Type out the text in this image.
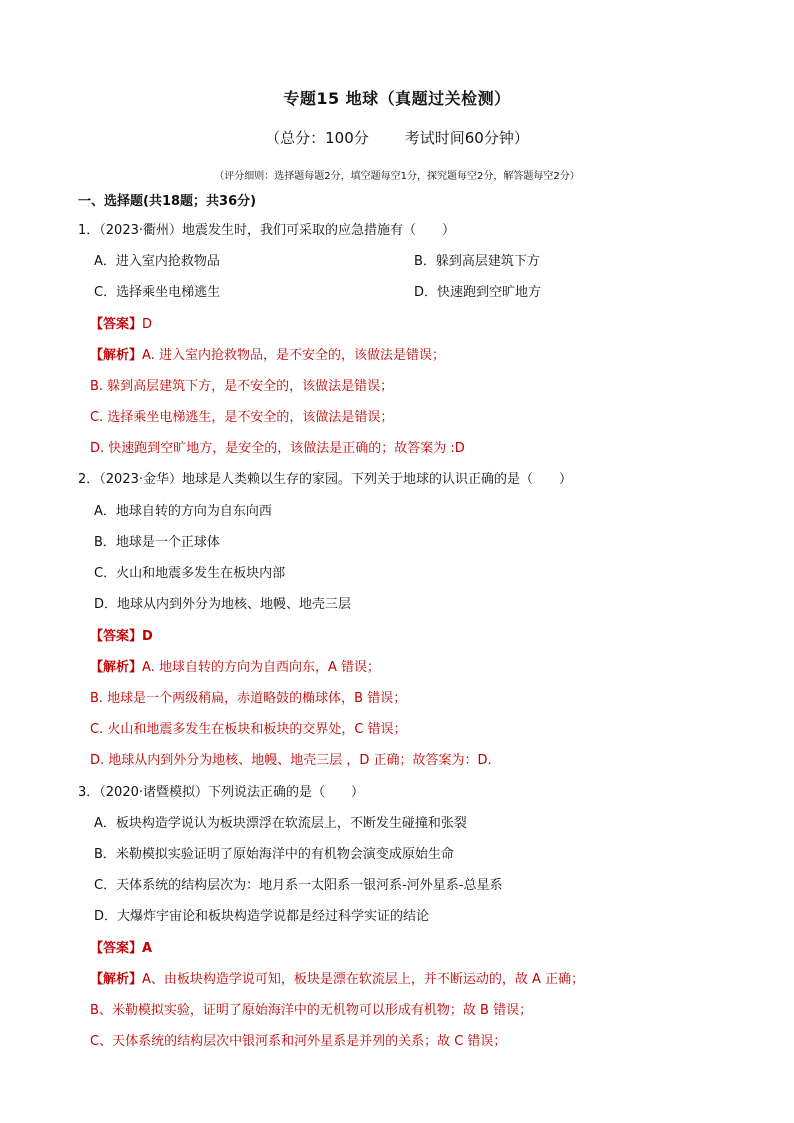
专题15 地球（真题过关检测）
（总分：100分 考试时间60分钟）
（评分细则：选择题每题2分，填空题每空1分，探究题每空2分，解答题每空2分）
一、选择题(共18题；共36分)
1．（2023·衢州）地震发生时，我们可采取的应急措施有（　　）
A．进入室内抢救物品	B．躲到高层建筑下方
C．选择乘坐电梯逃生	D．快速跑到空旷地方
【答案】D
【解析】A. 进入室内抢救物品，是不安全的，该做法是错误；
B. 躲到高层建筑下方，是不安全的，该做法是错误；
C. 选择乘坐电梯逃生，是不安全的，该做法是错误；
D. 快速跑到空旷地方，是安全的，该做法是正确的；故答案为 :D
2．（2023·金华）地球是人类赖以生存的家园。下列关于地球的认识正确的是（　　）
A．地球自转的方向为自东向西
B．地球是一个正球体
C．火山和地震多发生在板块内部
D．地球从内到外分为地核、地幔、地壳三层
【答案】D
【解析】A. 地球自转的方向为自西向东，A 错误；
B. 地球是一个两级稍扁，赤道略鼓的椭球体，B 错误；
C. 火山和地震多发生在板块和板块的交界处，C 错误；
D. 地球从内到外分为地核、地幔、地壳三层 ，D 正确；故答案为：D.
3．（2020·诸暨模拟）下列说法正确的是（　　）
A．板块构造学说认为板块漂浮在软流层上，不断发生碰撞和张裂
B．米勒模拟实验证明了原始海洋中的有机物会演变成原始生命
C．天体系统的结构层次为：地月系一太阳系一银河系-河外星系-总星系
D．大爆炸宇宙论和板块构造学说都是经过科学实证的结论
【答案】A
【解析】A、由板块构造学说可知，板块是漂在软流层上，并不断运动的，故 A 正确；
B、米勒模拟实验，证明了原始海洋中的无机物可以形成有机物；故 B 错误；
C、天体系统的结构层次中银河系和河外星系是并列的关系；故 C 错误；
